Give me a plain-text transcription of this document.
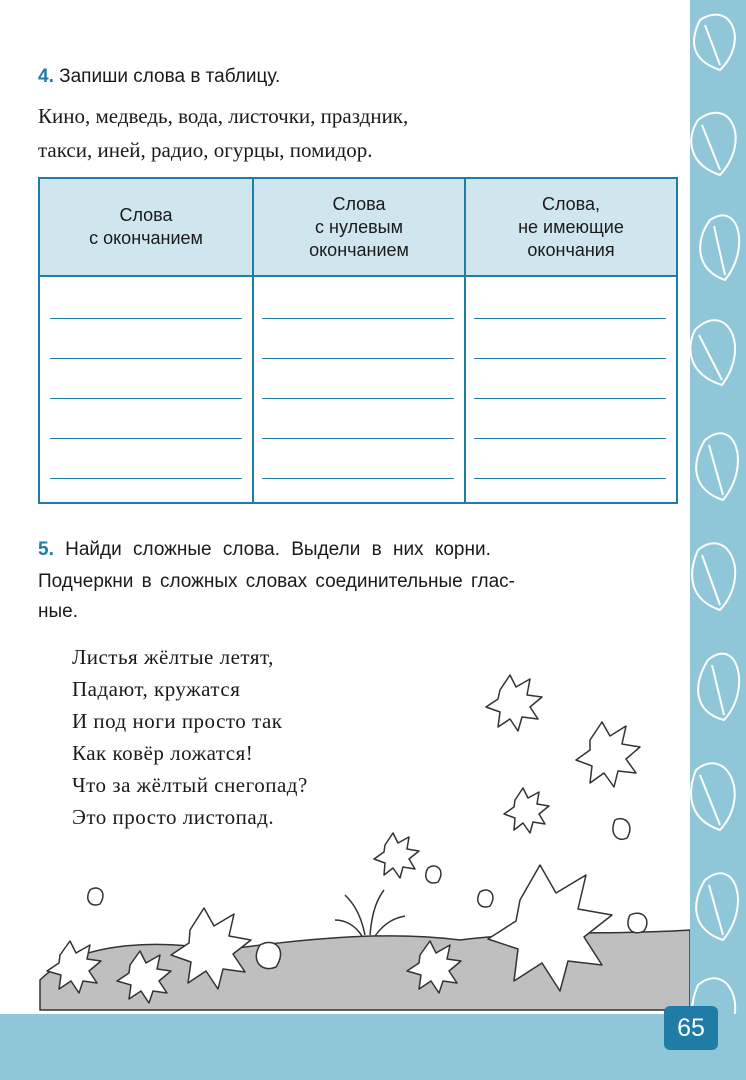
4. Запиши слова в таблицу.
Кино, медведь, вода, листочки, праздник,
такси, иней, радио, огурцы, помидор.
Слова
с окончанием
Слова
с нулевым
окончанием
Слова,
не имеющие
окончания
5. Найди сложные слова. Выдели в них корни.
Подчеркни в сложных словах соединительные глас-
ные.
Листья жёлтые летят,
Падают, кружатся
И под ноги просто так
Как ковёр ложатся!
Что за жёлтый снегопад?
Это просто листопад.
65
